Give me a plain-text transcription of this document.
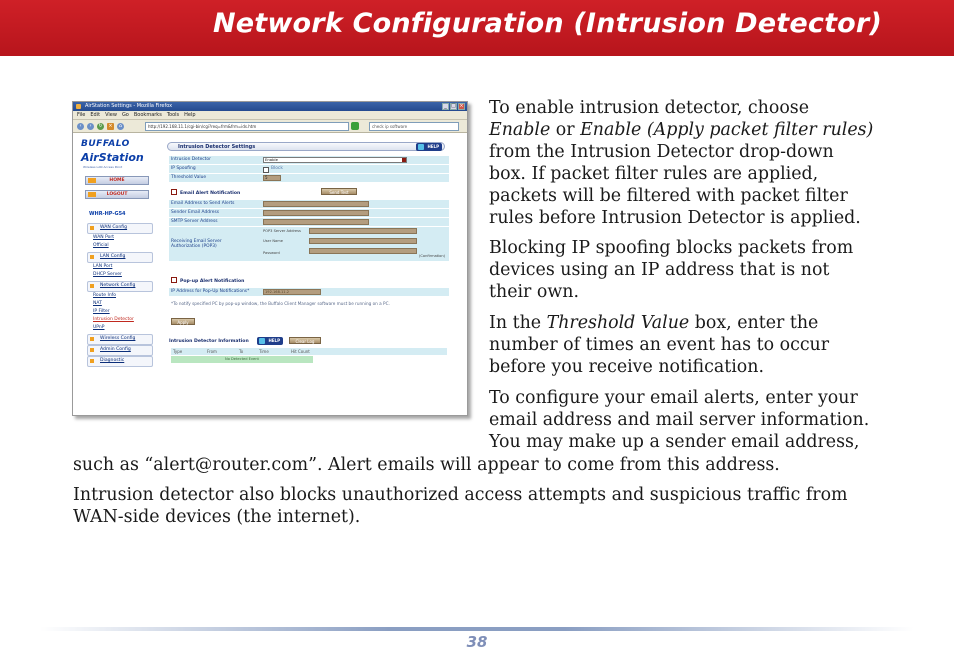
Network Configuration (Intrusion Detector)
AirStation Settings - Mozilla Firefox	_ □ ×
File Edit View Go Bookmarks Tools Help
‹	›	↻ ×	⌂	http://192.168.11.1/cgi-bin/cgi?req=frm&frm=ids.htm	check ip software
BUFFALO
AirStation
Wireless LAN Access Point
HOME
LOGOUT
WHR-HP-G54
WAN Config
WAN Port
Official
LAN Config
LAN Port
DHCP Server
Network Config
Route Info
NAT
IP Filter
Intrusion Detector
UPnP
Wireless Config
Admin Config
Diagnostic
Intrusion Detector Settings	HELP
Intrusion Detector	Enable
IP Spoofing	Block
Threshold Value	5
Email Alert Notification	Send Test
Email Address to Send Alerts
Sender Email Address
SMTP Server Address
Receiving Email Server Authorization (POP3)
POP3 Server Address
User Name
Password
(Confirmation)
Pop-up Alert Notification
IP Address for Pop-Up Notifications*	192.168.11.2
*To notify specified PC by pop-up window, the Buffalo Client Manager software must be running on a PC.
Apply
Intrusion Detector Information	HELP	Clear Log
Type	From	To	Time	Hit Count
No Detected Event
To enable intrusion detector, choose
Enable or Enable (Apply packet filter rules)
from the Intrusion Detector drop-down
box. If packet filter rules are applied,
packets will be filtered with packet filter
rules before Intrusion Detector is applied.
Blocking IP spoofing blocks packets from
devices using an IP address that is not
their own.
In the Threshold Value box, enter the
number of times an event has to occur
before you receive notification.
To configure your email alerts, enter your
email address and mail server information.
You may make up a sender email address,
such as “alert@router.com”. Alert emails will appear to come from this address.
Intrusion detector also blocks unauthorized access attempts and suspicious traffic from
WAN-side devices (the internet).
38
